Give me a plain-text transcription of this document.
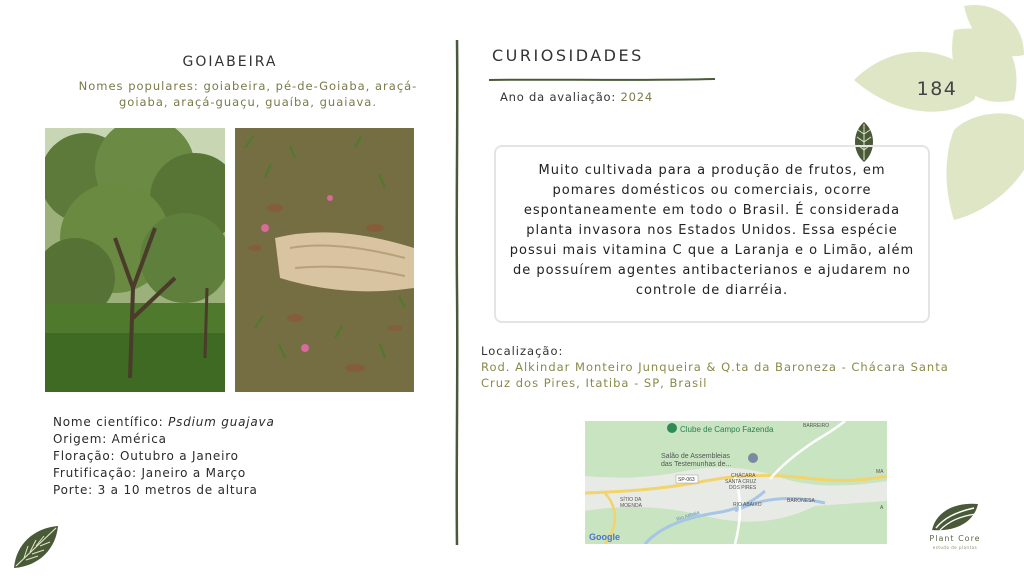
GOIABEIRA
Nomes populares: goiabeira, pé-de-Goiaba, araçá-goiaba, araçá-guaçu, guaíba, guaiava.
Nome científico: Psdium guajava
Origem: América
Floração: Outubro a Janeiro
Frutificação: Janeiro a Março
Porte: 3 a 10 metros de altura
CURIOSIDADES
Ano da avaliação: 2024
Muito cultivada para a produção de frutos, em pomares domésticos ou comerciais, ocorre espontaneamente em todo o Brasil. É considerada planta invasora nos Estados Unidos. Essa espécie possui mais vitamina C que a Laranja e o Limão, além de possuírem agentes antibacterianos e ajudarem no controle de diarréia.
Localização:
Rod. Alkindar Monteiro Junqueira & Q.ta da Baroneza - Chácara Santa Cruz dos Pires, Itatiba - SP, Brasil
Clube de Campo Fazenda	BARREIRO
Salão de Assembleias
das Testemunhas de...
SP-063
CHÁCARA
SANTA CRUZ
DOS PIRES
SÍTIO DA
MOENDA	RIO ABAIXO
BARONESA
Rio Atibaia
MA
A
Google
184
Plant Core
estudo de plantas
